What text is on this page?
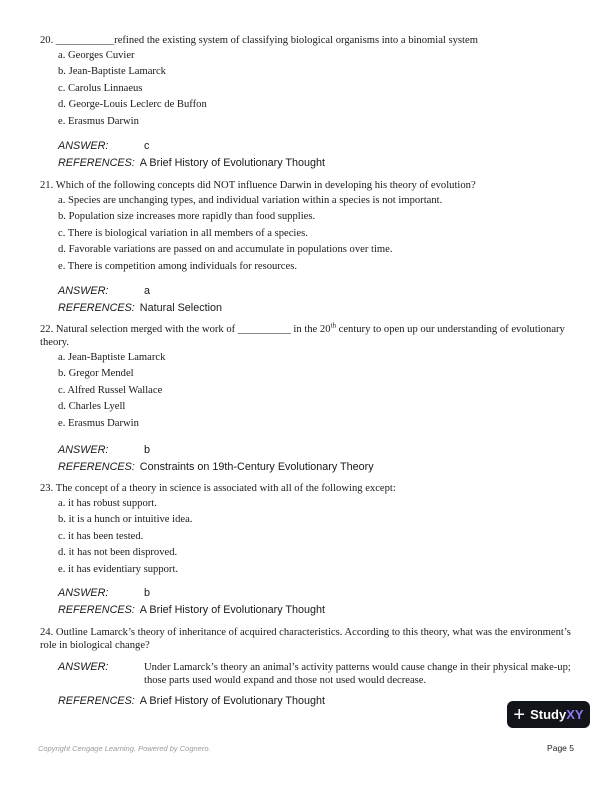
20. ___________refined the existing system of classifying biological organisms into a binomial system
a. Georges Cuvier
b. Jean-Baptiste Lamarck
c. Carolus Linnaeus
d. George-Louis Leclerc de Buffon
e. Erasmus Darwin
ANSWER:	c
REFERENCES: A Brief History of Evolutionary Thought
21. Which of the following concepts did NOT influence Darwin in developing his theory of evolution?
a. Species are unchanging types, and individual variation within a species is not important.
b. Population size increases more rapidly than food supplies.
c. There is biological variation in all members of a species.
d. Favorable variations are passed on and accumulate in populations over time.
e. There is competition among individuals for resources.
ANSWER:	a
REFERENCES: Natural Selection
22. Natural selection merged with the work of __________ in the 20th century to open up our understanding of evolutionary theory.
a. Jean-Baptiste Lamarck
b. Gregor Mendel
c. Alfred Russel Wallace
d. Charles Lyell
e. Erasmus Darwin
ANSWER:	b
REFERENCES: Constraints on 19th-Century Evolutionary Theory
23. The concept of a theory in science is associated with all of the following except:
a. it has robust support.
b. it is a hunch or intuitive idea.
c. it has been tested.
d. it has not been disproved.
e. it has evidentiary support.
ANSWER:	b
REFERENCES: A Brief History of Evolutionary Thought
24. Outline Lamarck’s theory of inheritance of acquired characteristics. According to this theory, what was the environment’s role in biological change?
ANSWER:	Under Lamarck’s theory an animal’s activity patterns would cause change in their physical make-up; those parts used would expand and those not used would decrease.
REFERENCES: A Brief History of Evolutionary Thought
+ Study XY
Copyright Cengage Learning. Powered by Cognero.	Page 5
